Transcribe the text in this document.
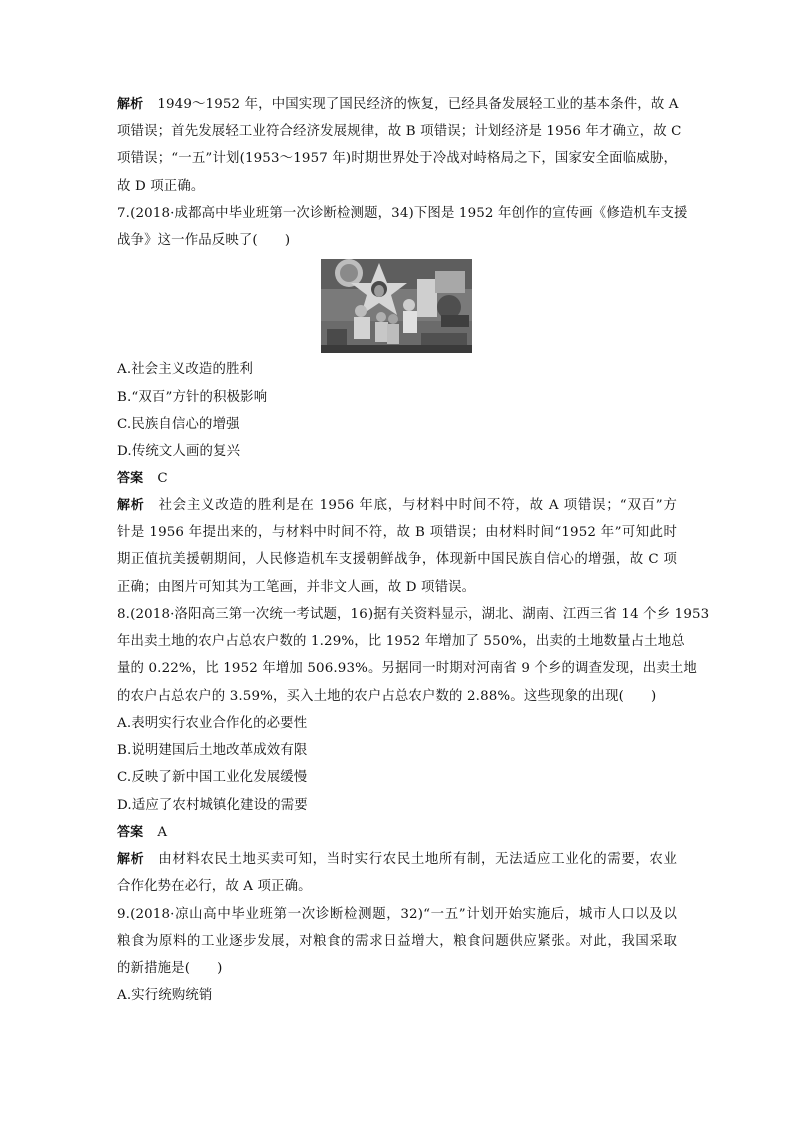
解析 1949～1952 年，中国实现了国民经济的恢复，已经具备发展轻工业的基本条件，故 A
项错误；首先发展轻工业符合经济发展规律，故 B 项错误；计划经济是 1956 年才确立，故 C
项错误；“一五”计划(1953～1957 年)时期世界处于冷战对峙格局之下，国家安全面临威胁，
故 D 项正确。
7.(2018·成都高中毕业班第一次诊断检测题，34)下图是 1952 年创作的宣传画《修造机车支援
战争》这一作品反映了(　　)
A.社会主义改造的胜利
B.“双百”方针的积极影响
C.民族自信心的增强
D.传统文人画的复兴
答案 C
解析 社会主义改造的胜利是在 1956 年底，与材料中时间不符，故 A 项错误；“双百”方
针是 1956 年提出来的，与材料中时间不符，故 B 项错误；由材料时间“1952 年”可知此时
期正值抗美援朝期间，人民修造机车支援朝鲜战争，体现新中国民族自信心的增强，故 C 项
正确；由图片可知其为工笔画，并非文人画，故 D 项错误。
8.(2018·洛阳高三第一次统一考试题，16)据有关资料显示，湖北、湖南、江西三省 14 个乡 1953
年出卖土地的农户占总农户数的 1.29%，比 1952 年增加了 550%，出卖的土地数量占土地总
量的 0.22%，比 1952 年增加 506.93%。另据同一时期对河南省 9 个乡的调查发现，出卖土地
的农户占总农户的 3.59%，买入土地的农户占总农户数的 2.88%。这些现象的出现(　　)
A.表明实行农业合作化的必要性
B.说明建国后土地改革成效有限
C.反映了新中国工业化发展缓慢
D.适应了农村城镇化建设的需要
答案 A
解析 由材料农民土地买卖可知，当时实行农民土地所有制，无法适应工业化的需要，农业
合作化势在必行，故 A 项正确。
9.(2018·凉山高中毕业班第一次诊断检测题，32)“一五”计划开始实施后，城市人口以及以
粮食为原料的工业逐步发展，对粮食的需求日益增大，粮食问题供应紧张。对此，我国采取
的新措施是(　　)
A.实行统购统销
